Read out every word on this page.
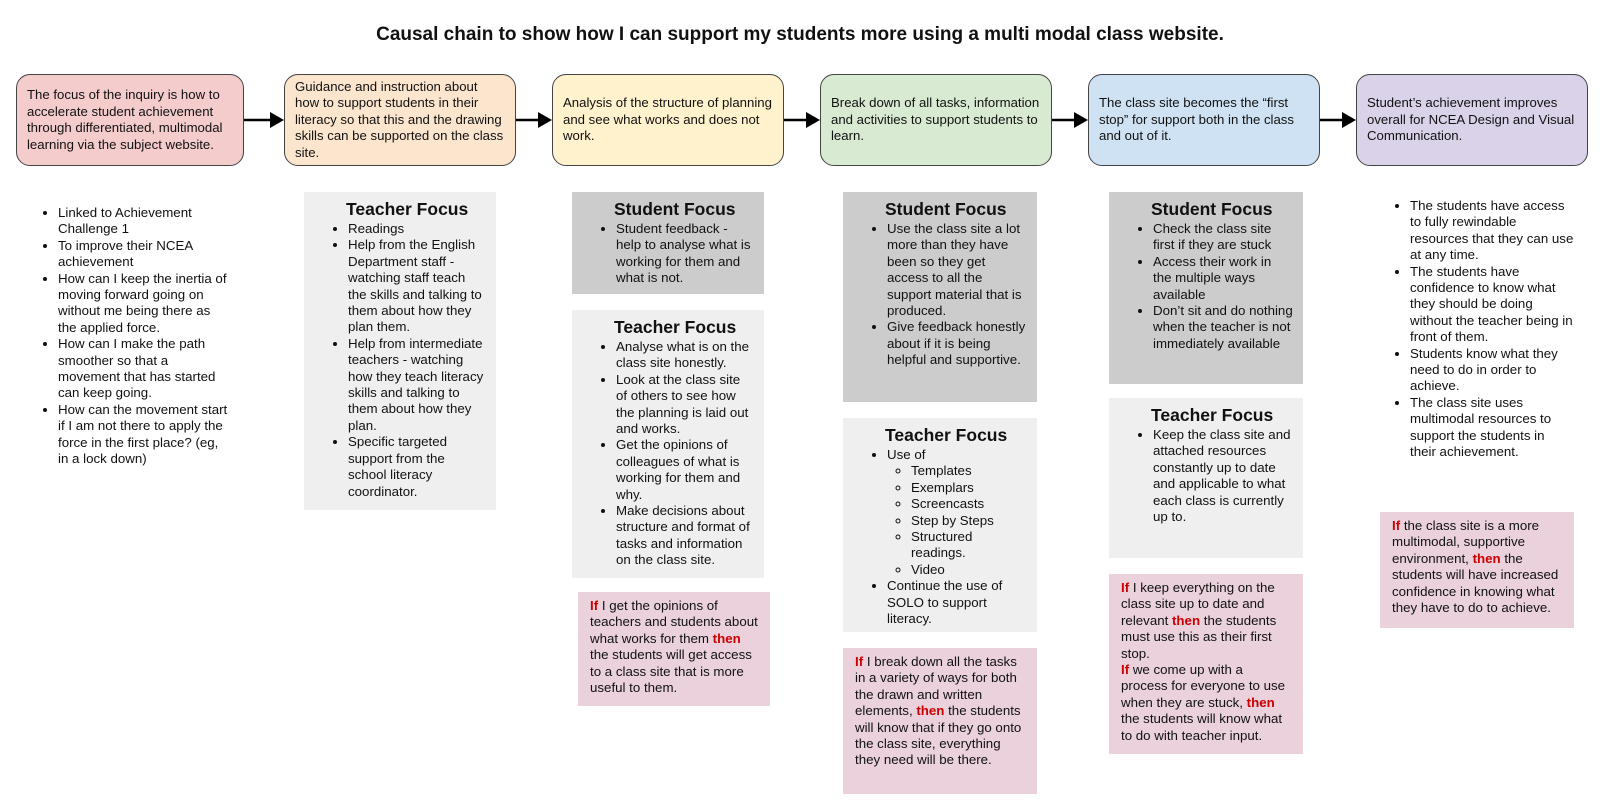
Causal chain to show how I can support my students more using a multi modal class website.
The focus of the inquiry is how to accelerate student achievement through differentiated, multimodal learning via the subject website.
Guidance and instruction about how to support students in their literacy so that this and the drawing skills can be supported on the class site.
Analysis of the structure of planning and see what works and does not work.
Break down of all tasks, information and activities to support students to learn.
The class site becomes the “first stop” for support both in the class and out of it.
Student’s achievement improves overall for NCEA Design and Visual Communication.
• Linked to Achievement Challenge 1
• To improve their NCEA achievement
• How can I keep the inertia of moving forward going on without me being there as the applied force.
• How can I make the path smoother so that a movement that has started can keep going.
• How can the movement start if I am not there to apply the force in the first place? (eg, in a lock down)
Teacher Focus
• Readings
• Help from the English Department staff - watching staff teach the skills and talking to them about how they plan them.
• Help from intermediate teachers - watching how they teach literacy skills and talking to them about how they plan.
• Specific targeted support from the school literacy coordinator.
Student Focus
• Student feedback - help to analyse what is working for them and what is not.
Teacher Focus
• Analyse what is on the class site honestly.
• Look at the class site of others to see how the planning is laid out and works.
• Get the opinions of colleagues of what is working for them and why.
• Make decisions about structure and format of tasks and information on the class site.
If I get the opinions of teachers and students about what works for them then the students will get access to a class site that is more useful to them.
Student Focus
• Use the class site a lot more than they have been so they get access to all the support material that is produced.
• Give feedback honestly about if it is being helpful and supportive.
Teacher Focus
• Use of
◦ Templates
◦ Exemplars
◦ Screencasts
◦ Step by Steps
◦ Structured readings.
◦ Video
• Continue the use of SOLO to support literacy.
If I break down all the tasks in a variety of ways for both the drawn and written elements, then the students will know that if they go onto the class site, everything they need will be there.
Student Focus
• Check the class site first if they are stuck
• Access their work in the multiple ways available
• Don’t sit and do nothing when the teacher is not immediately available
Teacher Focus
• Keep the class site and attached resources constantly up to date and applicable to what each class is currently up to.
If I keep everything on the class site up to date and relevant then the students must use this as their first stop.
If we come up with a process for everyone to use when they are stuck, then the students will know what to do with teacher input.
• The students have access to fully rewindable resources that they can use at any time.
• The students have confidence to know what they should be doing without the teacher being in front of them.
• Students know what they need to do in order to achieve.
• The class site uses multimodal resources to support the students in their achievement.
If the class site is a more multimodal, supportive environment, then the students will have increased confidence in knowing what they have to do to achieve.
